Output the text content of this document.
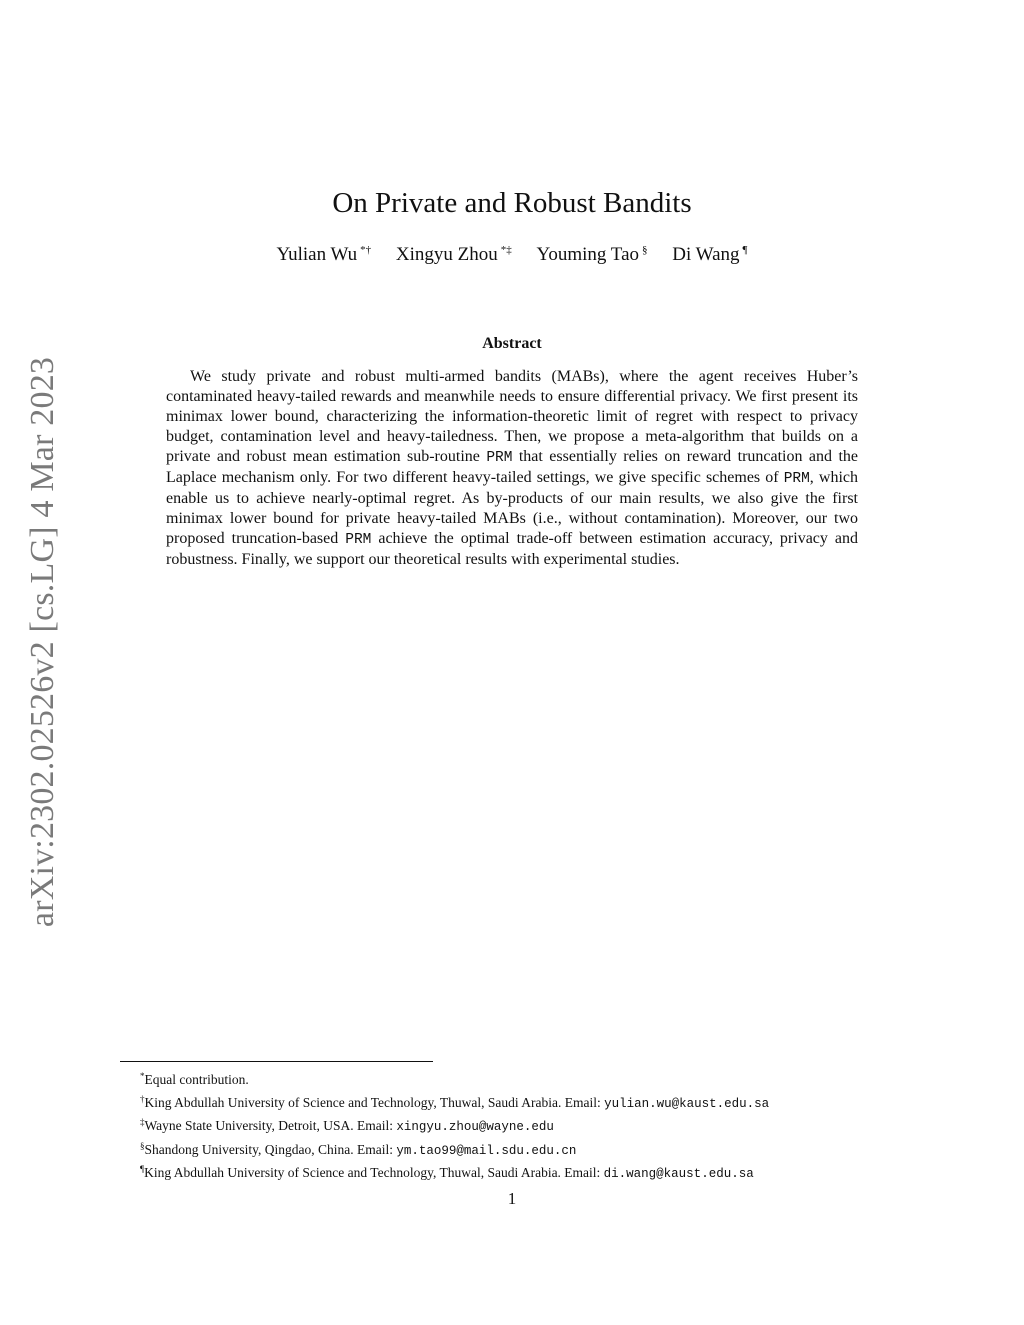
arXiv:2302.02526v2 [cs.LG] 4 Mar 2023
On Private and Robust Bandits
Yulian Wu *† Xingyu Zhou *‡ Youming Tao § Di Wang ¶
Abstract

We study private and robust multi-armed bandits (MABs), where the agent receives Huber’s contaminated heavy-tailed rewards and meanwhile needs to ensure differential privacy. We first present its minimax lower bound, characterizing the information-theoretic limit of regret with respect to privacy budget, contamination level and heavy-tailedness. Then, we propose a meta-algorithm that builds on a private and robust mean estimation sub-routine PRM that essentially relies on reward truncation and the Laplace mechanism only. For two different heavy-tailed settings, we give specific schemes of PRM, which enable us to achieve nearly-optimal regret. As by-products of our main results, we also give the first minimax lower bound for private heavy-tailed MABs (i.e., without contamination). Moreover, our two proposed truncation-based PRM achieve the optimal trade-off between estimation accuracy, privacy and robustness. Finally, we support our theoretical results with experimental studies.

*Equal contribution.
†King Abdullah University of Science and Technology, Thuwal, Saudi Arabia. Email: yulian.wu@kaust.edu.sa
‡Wayne State University, Detroit, USA. Email: xingyu.zhou@wayne.edu
§Shandong University, Qingdao, China. Email: ym.tao99@mail.sdu.edu.cn
¶King Abdullah University of Science and Technology, Thuwal, Saudi Arabia. Email: di.wang@kaust.edu.sa
1
